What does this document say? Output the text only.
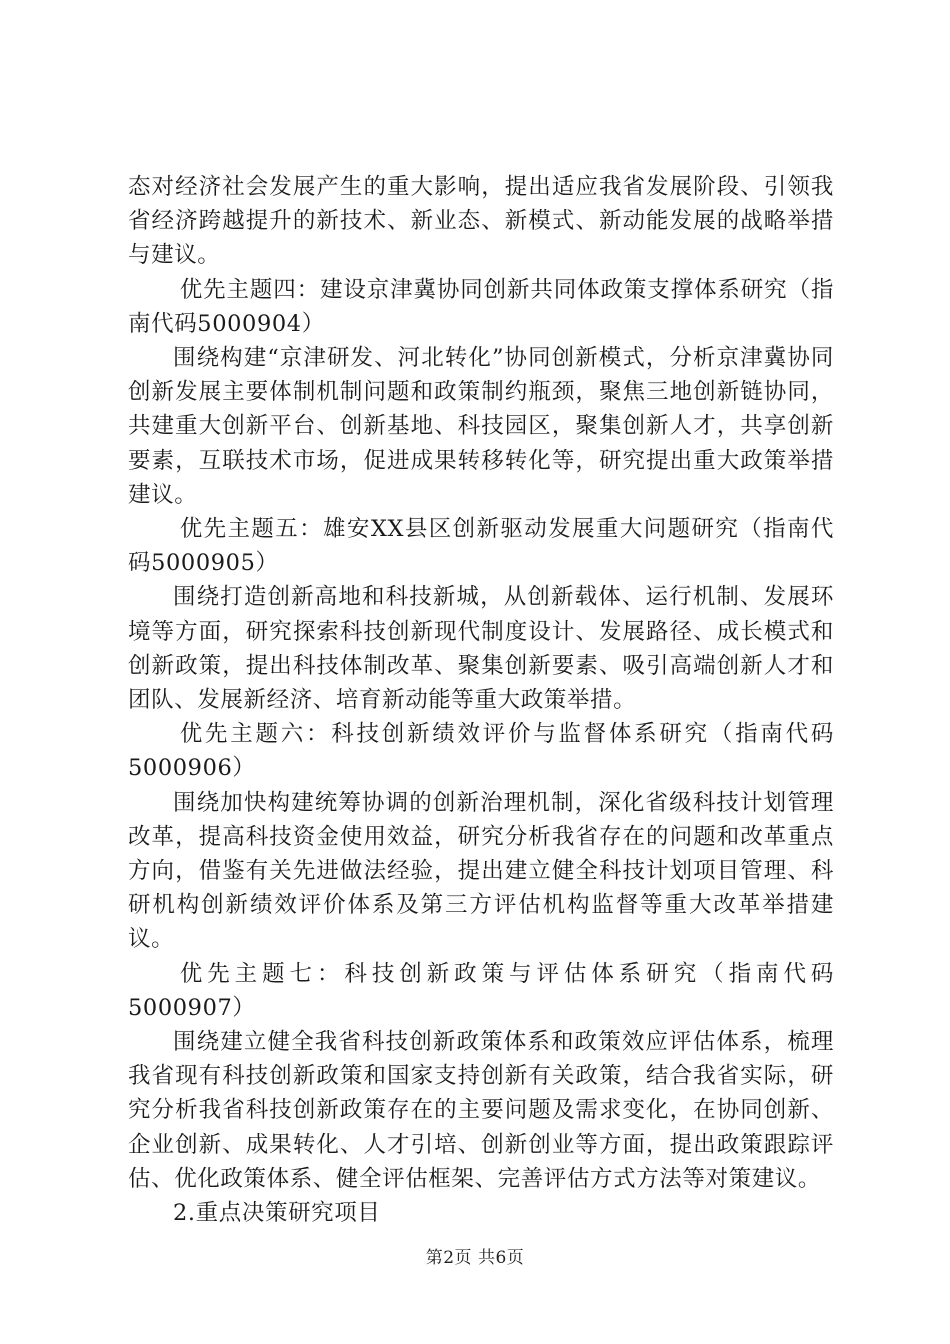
态对经济社会发展产生的重大影响，提出适应我省发展阶段、引领我省经济跨越提升的新技术、新业态、新模式、新动能发展的战略举措与建议。

优先主题四：建设京津冀协同创新共同体政策支撑体系研究（指南代码5000904）

围绕构建“京津研发、河北转化”协同创新模式，分析京津冀协同创新发展主要体制机制问题和政策制约瓶颈，聚焦三地创新链协同，共建重大创新平台、创新基地、科技园区，聚集创新人才，共享创新要素，互联技术市场，促进成果转移转化等，研究提出重大政策举措建议。

优先主题五：雄安XX县区创新驱动发展重大问题研究（指南代码5000905）

围绕打造创新高地和科技新城，从创新载体、运行机制、发展环境等方面，研究探索科技创新现代制度设计、发展路径、成长模式和创新政策，提出科技体制改革、聚集创新要素、吸引高端创新人才和团队、发展新经济、培育新动能等重大政策举措。

优先主题六：科技创新绩效评价与监督体系研究（指南代码5000906）

围绕加快构建统筹协调的创新治理机制，深化省级科技计划管理改革，提高科技资金使用效益，研究分析我省存在的问题和改革重点方向，借鉴有关先进做法经验，提出建立健全科技计划项目管理、科研机构创新绩效评价体系及第三方评估机构监督等重大改革举措建议。

优先主题七：科技创新政策与评估体系研究（指南代码5000907）

围绕建立健全我省科技创新政策体系和政策效应评估体系，梳理我省现有科技创新政策和国家支持创新有关政策，结合我省实际，研究分析我省科技创新政策存在的主要问题及需求变化，在协同创新、企业创新、成果转化、人才引培、创新创业等方面，提出政策跟踪评估、优化政策体系、健全评估框架、完善评估方式方法等对策建议。

2.重点决策研究项目

第2页 共6页
